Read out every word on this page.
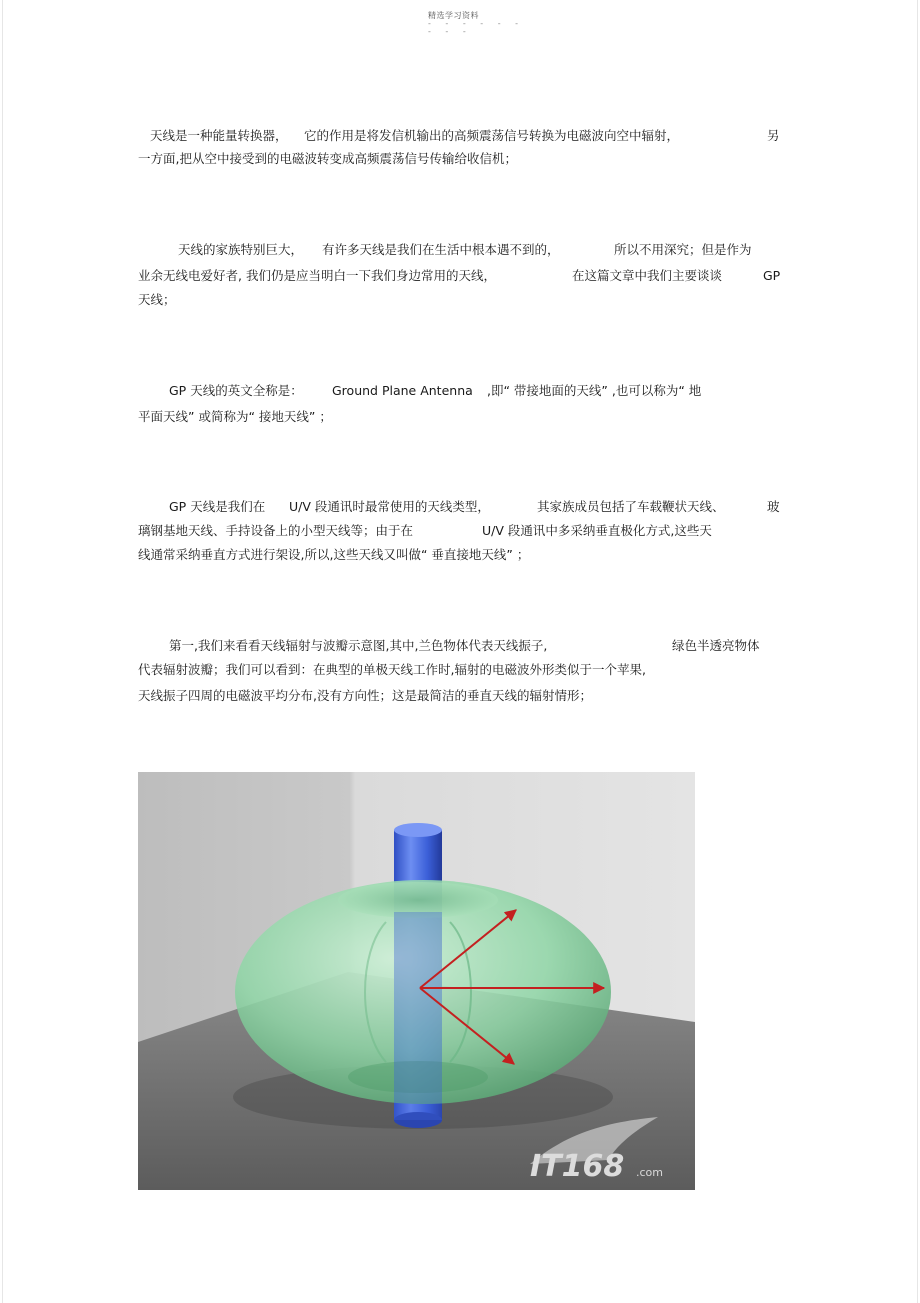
精选学习资料
- - - - - -
- - -
天线是一种能量转换器， 它的作用是将发信机输出的高频震荡信号转换为电磁波向空中辐射，	另
一方面,把从空中接受到的电磁波转变成高频震荡信号传输给收信机；
天线的家族特别巨大， 有许多天线是我们在生活中根本遇不到的，	所以不用深究；但是作为
业余无线电爱好者, 我们仍是应当明白一下我们身边常用的天线，	在这篇文章中我们主要谈谈	GP
天线；
GP 天线的英文全称是： Ground Plane Antenna ,即“ 带接地面的天线” ,也可以称为“ 地
平面天线” 或简称为“ 接地天线” ；
GP 天线是我们在 U/V 段通讯时最常使用的天线类型，	其家族成员包括了车载鞭状天线、	玻
璃钢基地天线、手持设备上的小型天线等；由于在	U/V 段通讯中多采纳垂直极化方式,这些天
线通常采纳垂直方式进行架设,所以,这些天线又叫做“ 垂直接地天线” ；
第一,我们来看看天线辐射与波瓣示意图,其中,兰色物体代表天线振子,	绿色半透亮物体
代表辐射波瓣；我们可以看到：在典型的单极天线工作时,辐射的电磁波外形类似于一个苹果,
天线振子四周的电磁波平均分布,没有方向性；这是最简洁的垂直天线的辐射情形；
IT168 .com
